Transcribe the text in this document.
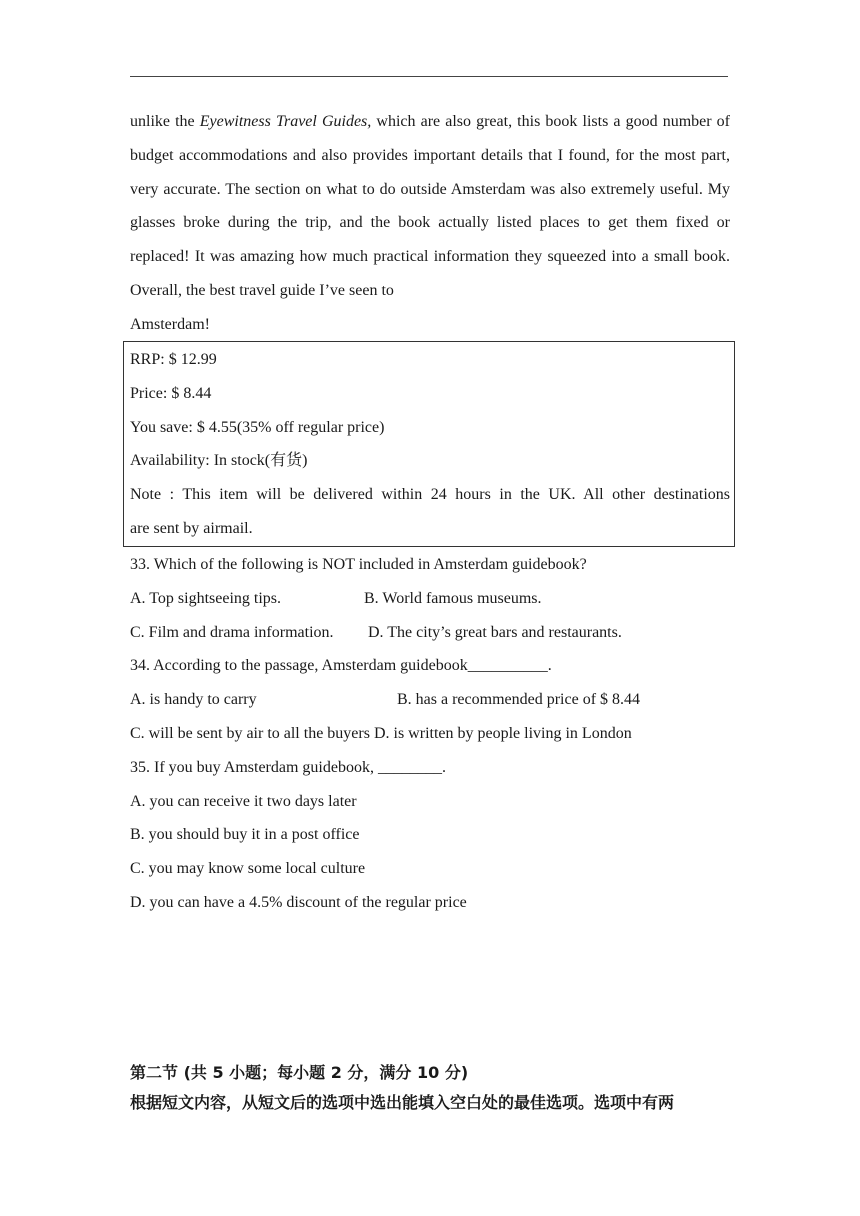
unlike the Eyewitness Travel Guides, which are also great, this book lists a good number of budget accommodations and also provides important details that I found, for the most part, very accurate. The section on what to do outside Amsterdam was also extremely useful. My glasses broke during the trip, and the book actually listed places to get them fixed or replaced! It was amazing how much practical information they squeezed into a small book. Overall, the best travel guide I’ve seen to
Amsterdam!

RRP: $ 12.99
Price: $ 8.44
You save: $ 4.55(35% off regular price)
Availability: In stock(有货)
Note : This item will be delivered within 24 hours in the UK. All other destinations
are sent by airmail.
33. Which of the following is NOT included in Amsterdam guidebook?
A. Top sightseeing tips.	B. World famous museums.
C. Film and drama information. D. The city’s great bars and restaurants.
34. According to the passage, Amsterdam guidebook__________.
A. is handy to carry	B. has a recommended price of $ 8.44
C. will be sent by air to all the buyers D. is written by people living in London
35. If you buy Amsterdam guidebook, ________.
A. you can receive it two days later
B. you should buy it in a post office
C. you may know some local culture
D. you can have a 4.5% discount of the regular price
第二节 (共 5 小题；每小题 2 分，满分 10 分)
根据短文内容，从短文后的选项中选出能填入空白处的最佳选项。选项中有两
